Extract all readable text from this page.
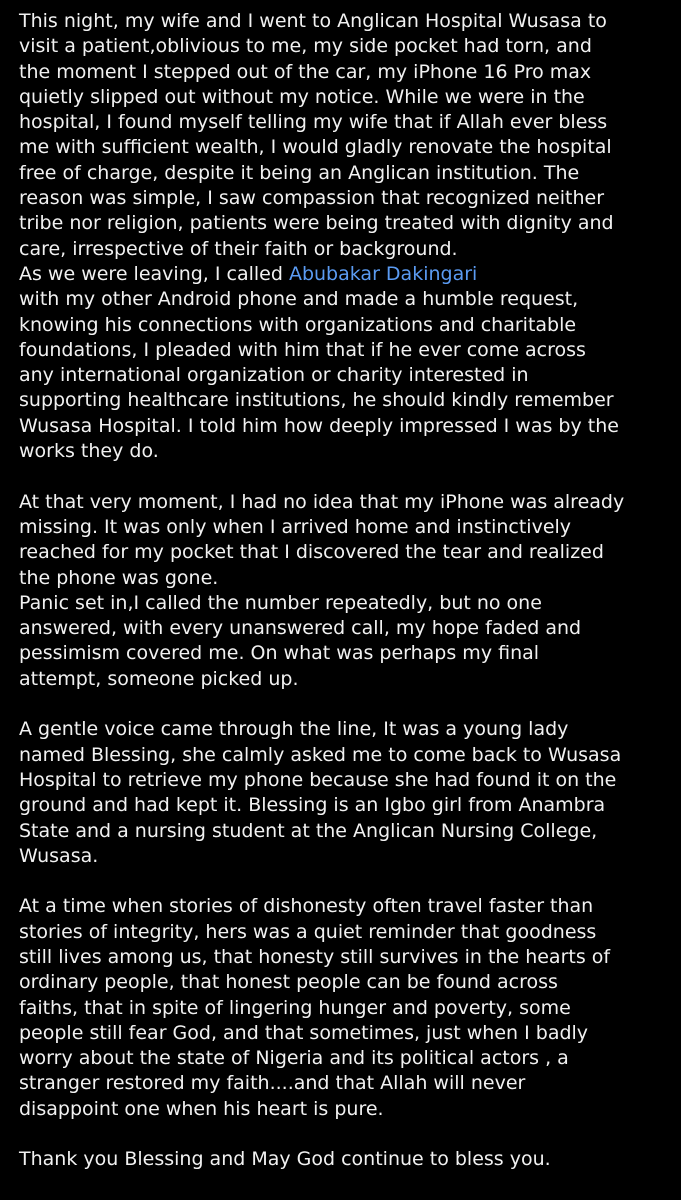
This night, my wife and I went to Anglican Hospital Wusasa to
visit a patient,oblivious to me, my side pocket had torn, and
the moment I stepped out of the car, my iPhone 16 Pro max
quietly slipped out without my notice. While we were in the
hospital, I found myself telling my wife that if Allah ever bless
me with sufficient wealth, I would gladly renovate the hospital
free of charge, despite it being an Anglican institution. The
reason was simple, I saw compassion that recognized neither
tribe nor religion, patients were being treated with dignity and
care, irrespective of their faith or background.
As we were leaving, I called Abubakar Dakingari
with my other Android phone and made a humble request,
knowing his connections with organizations and charitable
foundations, I pleaded with him that if he ever come across
any international organization or charity interested in
supporting healthcare institutions, he should kindly remember
Wusasa Hospital. I told him how deeply impressed I was by the
works they do.
At that very moment, I had no idea that my iPhone was already
missing. It was only when I arrived home and instinctively
reached for my pocket that I discovered the tear and realized
the phone was gone.
Panic set in,I called the number repeatedly, but no one
answered, with every unanswered call, my hope faded and
pessimism covered me. On what was perhaps my final
attempt, someone picked up.
A gentle voice came through the line, It was a young lady
named Blessing, she calmly asked me to come back to Wusasa
Hospital to retrieve my phone because she had found it on the
ground and had kept it. Blessing is an Igbo girl from Anambra
State and a nursing student at the Anglican Nursing College,
Wusasa.
At a time when stories of dishonesty often travel faster than
stories of integrity, hers was a quiet reminder that goodness
still lives among us, that honesty still survives in the hearts of
ordinary people, that honest people can be found across
faiths, that in spite of lingering hunger and poverty, some
people still fear God, and that sometimes, just when I badly
worry about the state of Nigeria and its political actors , a
stranger restored my faith....and that Allah will never
disappoint one when his heart is pure.
Thank you Blessing and May God continue to bless you.
